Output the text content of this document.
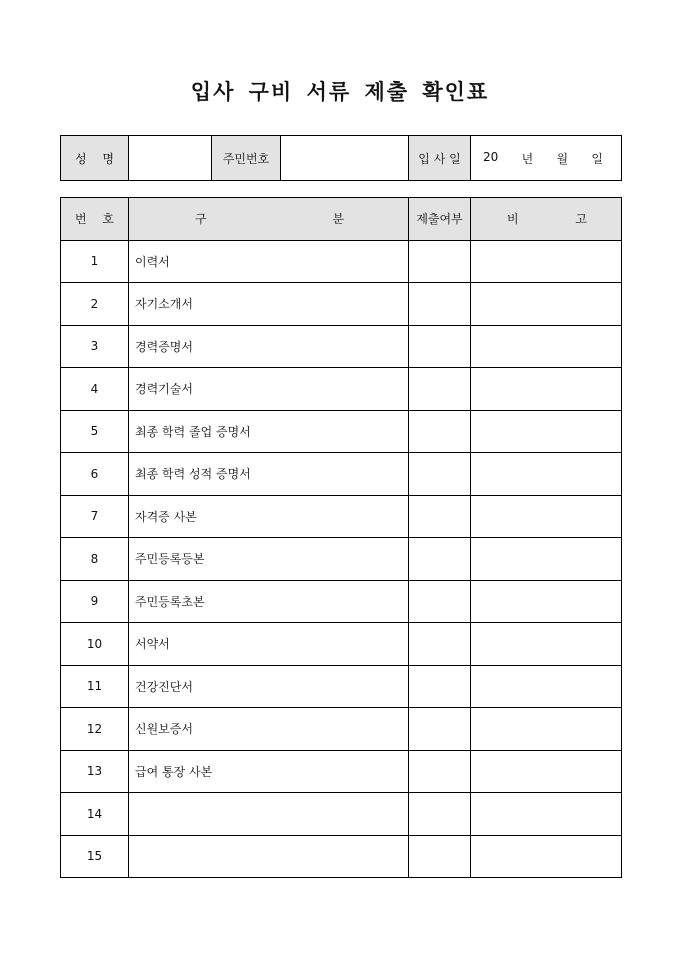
입사 구비 서류 제출 확인표
성 명		주민번호		입 사 일	20 년 월 일
번 호	구 분	제출여부	비 고

1	이력서		
2	자기소개서		
3	경력증명서		
4	경력기술서		
5	최종 학력 졸업 증명서		
6	최종 학력 성적 증명서		
7	자격증 사본		
8	주민등록등본		
9	주민등록초본		
10	서약서		
11	건강진단서		
12	신원보증서		
13	급여 통장 사본		
14			
15			
